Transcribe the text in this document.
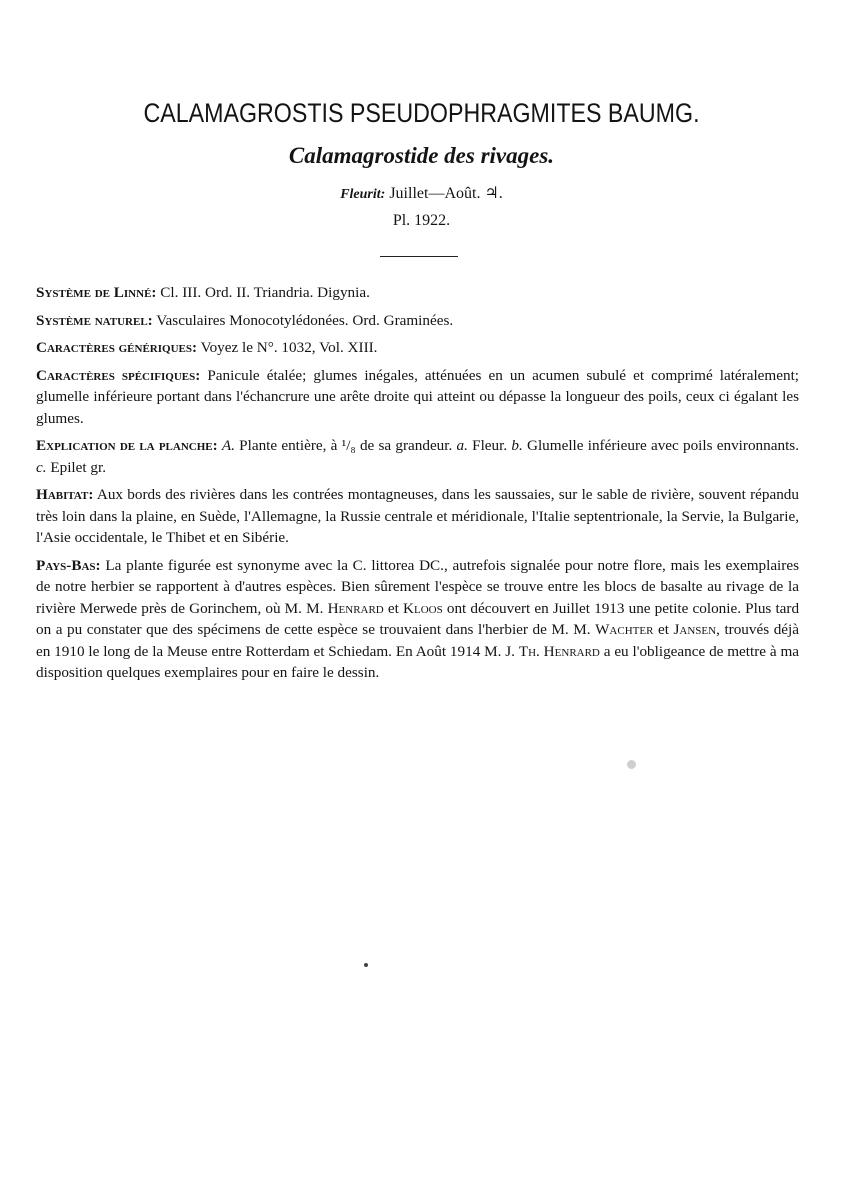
CALAMAGROSTIS PSEUDOPHRAGMITES BAUMG.
Calamagrostide des rivages.
Fleurit: Juillet—Août. ♃.
Pl. 1922.

Système de Linné: Cl. III. Ord. II. Triandria. Digynia.

Système naturel: Vasculaires Monocotylédonées. Ord. Graminées.

Caractères génériques: Voyez le N°. 1032, Vol. XIII.

Caractères spécifiques: Panicule étalée; glumes inégales, atténuées en un acumen subulé et comprimé latéralement; glumelle inférieure portant dans l'échancrure une arête droite qui atteint ou dépasse la longueur des poils, ceux ci égalant les glumes.

Explication de la planche: A. Plante entière, à ¹/₈ de sa grandeur. a. Fleur. b. Glumelle inférieure avec poils environnants. c. Epilet gr.

Habitat: Aux bords des rivières dans les contrées montagneuses, dans les saussaies, sur le sable de rivière, souvent répandu très loin dans la plaine, en Suède, l'Allemagne, la Russie centrale et méridionale, l'Italie septentrionale, la Servie, la Bulgarie, l'Asie occidentale, le Thibet et en Sibérie.

Pays-Bas: La plante figurée est synonyme avec la C. littorea DC., autrefois signalée pour notre flore, mais les exemplaires de notre herbier se rapportent à d'autres espèces. Bien sûrement l'espèce se trouve entre les blocs de basalte au rivage de la rivière Merwede près de Gorinchem, où M. M. Henrard et Kloos ont découvert en Juillet 1913 une petite colonie. Plus tard on a pu constater que des spécimens de cette espèce se trouvaient dans l'herbier de M. M. Wachter et Jansen, trouvés déjà en 1910 le long de la Meuse entre Rotterdam et Schiedam. En Août 1914 M. J. Th. Henrard a eu l'obligeance de mettre à ma disposition quelques exemplaires pour en faire le dessin.
